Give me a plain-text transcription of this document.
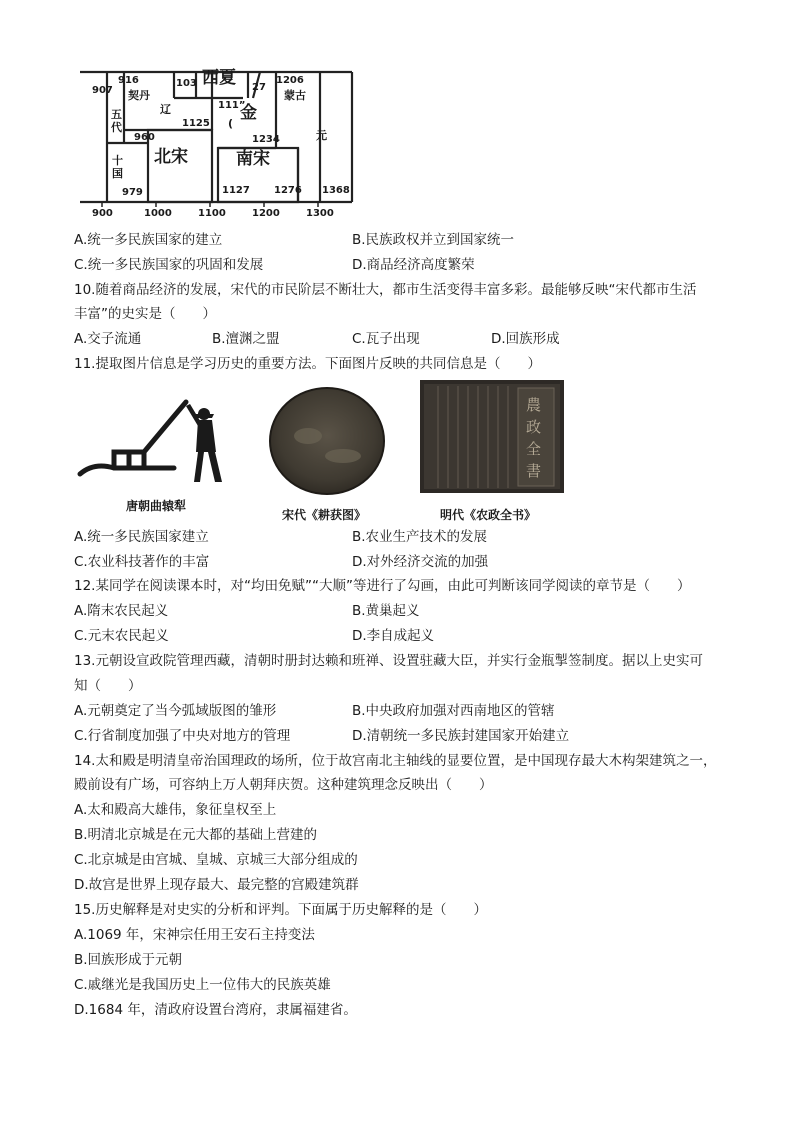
916
907
103 西夏 27
1206
契丹	蒙古
111”
辽
五
代
金
(
1125
元
960	1234
十
国
北宋	南宋
979	1127 1276 1368
900	1000	1100	1200	1300
A.统一多民族国家的建立	B.民族政权并立到国家统一
C.统一多民族国家的巩固和发展	D.商品经济高度繁荣
10.随着商品经济的发展，宋代的市民阶层不断壮大，都市生活变得丰富多彩。最能够反映“宋代都市生活
丰富”的史实是（　　）
A.交子流通	B.澶渊之盟	C.瓦子出现	D.回族形成
11.提取图片信息是学习历史的重要方法。下面图片反映的共同信息是（　　）
唐朝曲辕犁
宋代《耕获图》
農政全書
明代《农政全书》
A.统一多民族国家建立	B.农业生产技术的发展
C.农业科技著作的丰富	D.对外经济交流的加强
12.某同学在阅读课本时，对“均田免赋”“大顺”等进行了勾画，由此可判断该同学阅读的章节是（　　）
A.隋末农民起义	B.黄巢起义
C.元末农民起义	D.李自成起义
13.元朝设宣政院管理西藏，清朝时册封达赖和班禅、设置驻藏大臣，并实行金瓶掣签制度。据以上史实可
知（　　）
A.元朝奠定了当今弧域版图的雏形	B.中央政府加强对西南地区的管辖
C.行省制度加强了中央对地方的管理	D.清朝统一多民族封建国家开始建立
14.太和殿是明清皇帝治国理政的场所，位于故宫南北主轴线的显要位置，是中国现存最大木构架建筑之一，
殿前设有广场，可容纳上万人朝拜庆贺。这种建筑理念反映出（　　）
A.太和殿高大雄伟，象征皇权至上
B.明清北京城是在元大都的基础上营建的
C.北京城是由宫城、皇城、京城三大部分组成的
D.故宫是世界上现存最大、最完整的宫殿建筑群
15.历史解释是对史实的分析和评判。下面属于历史解释的是（　　）
A.1069 年，宋神宗任用王安石主持变法
B.回族形成于元朝
C.戚继光是我国历史上一位伟大的民族英雄
D.1684 年，清政府设置台湾府，隶属福建省。
